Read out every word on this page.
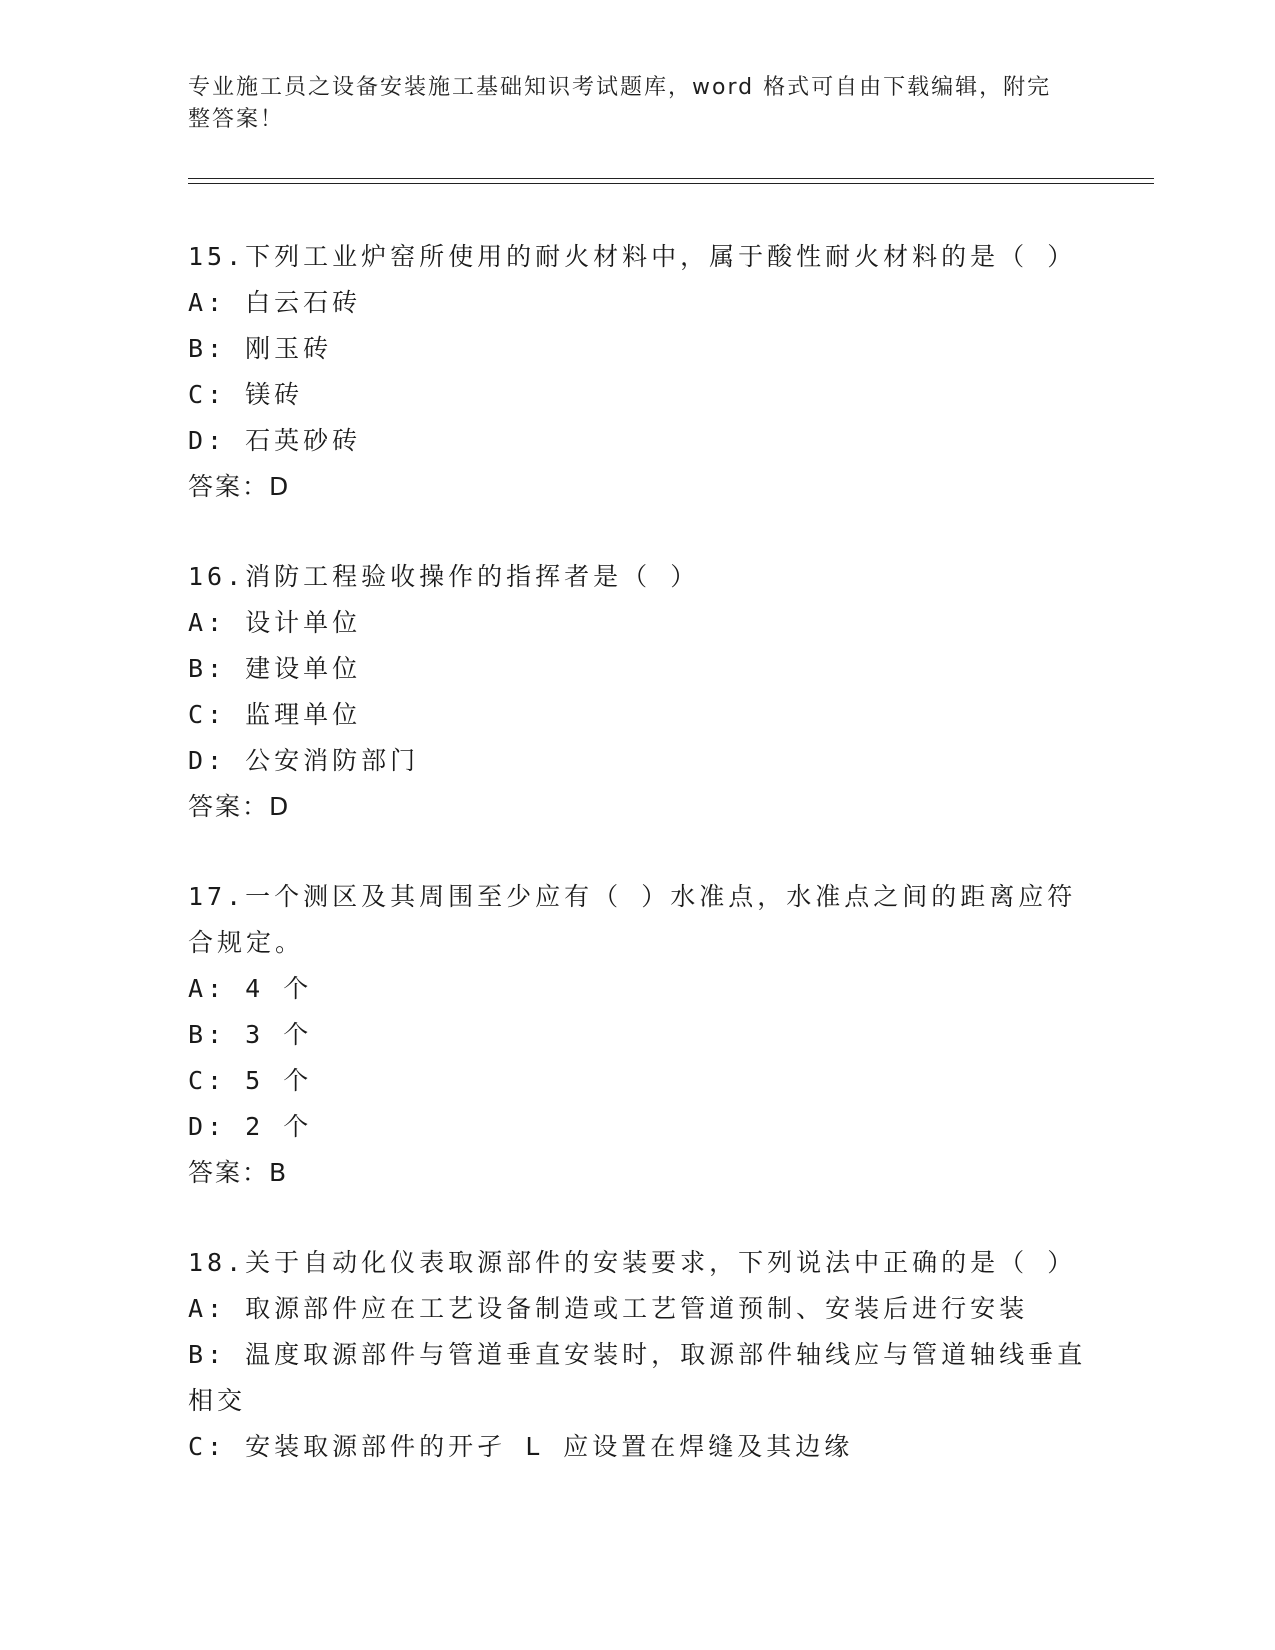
专业施工员之设备安装施工基础知识考试题库，word 格式可自由下载编辑，附完
整答案！
15.下列工业炉窑所使用的耐火材料中，属于酸性耐火材料的是（ ）
A: 白云石砖
B: 刚玉砖
C: 镁砖
D: 石英砂砖
答案：D
16.消防工程验收操作的指挥者是（ ）
A: 设计单位
B: 建设单位
C: 监理单位
D: 公安消防部门
答案：D
17.一个测区及其周围至少应有（ ）水准点，水准点之间的距离应符
合规定。
A: 4 个
B: 3 个
C: 5 个
D: 2 个
答案：B
18.关于自动化仪表取源部件的安装要求，下列说法中正确的是（ ）
A: 取源部件应在工艺设备制造或工艺管道预制、安装后进行安装
B: 温度取源部件与管道垂直安装时，取源部件轴线应与管道轴线垂直
相交
C: 安装取源部件的开孑 L 应设置在焊缝及其边缘
